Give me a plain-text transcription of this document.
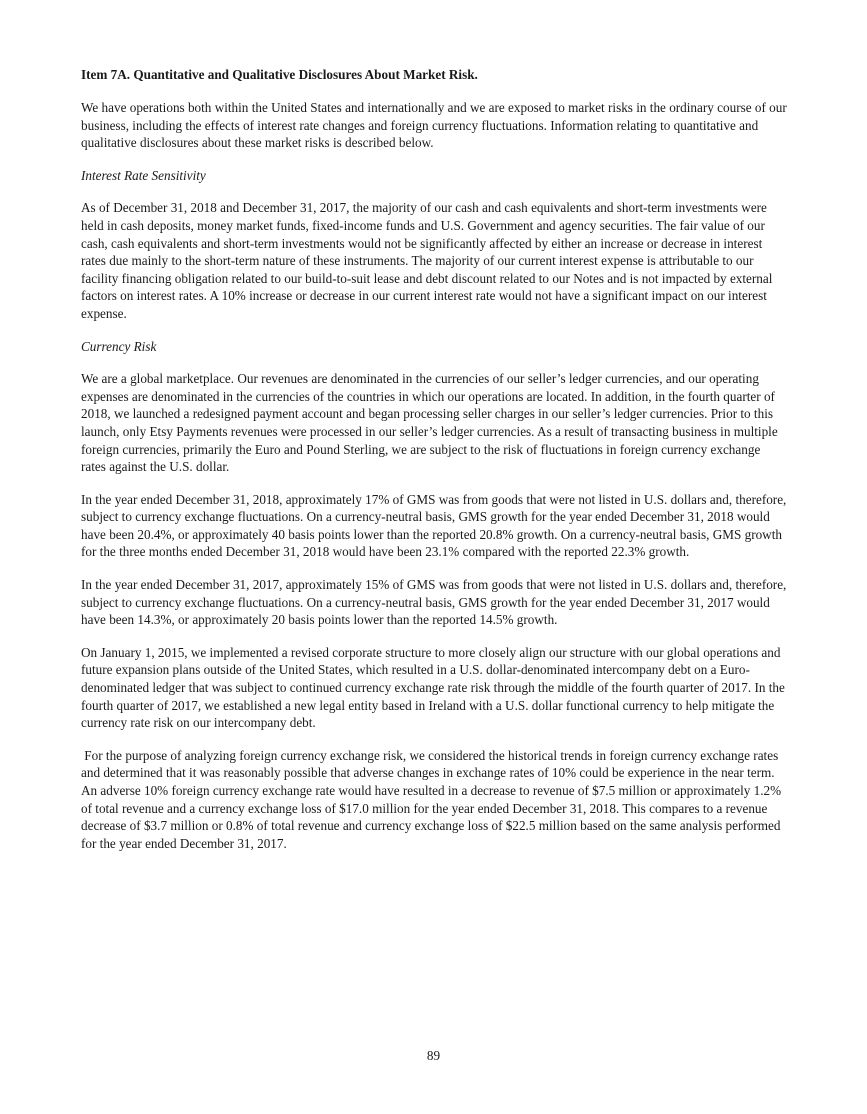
Item 7A. Quantitative and Qualitative Disclosures About Market Risk.
We have operations both within the United States and internationally and we are exposed to market risks in the ordinary course of our business, including the effects of interest rate changes and foreign currency fluctuations. Information relating to quantitative and qualitative disclosures about these market risks is described below.
Interest Rate Sensitivity
As of December 31, 2018 and December 31, 2017, the majority of our cash and cash equivalents and short-term investments were held in cash deposits, money market funds, fixed-income funds and U.S. Government and agency securities. The fair value of our cash, cash equivalents and short-term investments would not be significantly affected by either an increase or decrease in interest rates due mainly to the short-term nature of these instruments. The majority of our current interest expense is attributable to our facility financing obligation related to our build-to-suit lease and debt discount related to our Notes and is not impacted by external factors on interest rates. A 10% increase or decrease in our current interest rate would not have a significant impact on our interest expense.
Currency Risk
We are a global marketplace. Our revenues are denominated in the currencies of our seller’s ledger currencies, and our operating expenses are denominated in the currencies of the countries in which our operations are located. In addition, in the fourth quarter of 2018, we launched a redesigned payment account and began processing seller charges in our seller’s ledger currencies. Prior to this launch, only Etsy Payments revenues were processed in our seller’s ledger currencies. As a result of transacting business in multiple foreign currencies, primarily the Euro and Pound Sterling, we are subject to the risk of fluctuations in foreign currency exchange rates against the U.S. dollar.
In the year ended December 31, 2018, approximately 17% of GMS was from goods that were not listed in U.S. dollars and, therefore, subject to currency exchange fluctuations. On a currency-neutral basis, GMS growth for the year ended December 31, 2018 would have been 20.4%, or approximately 40 basis points lower than the reported 20.8% growth. On a currency-neutral basis, GMS growth for the three months ended December 31, 2018 would have been 23.1% compared with the reported 22.3% growth.
In the year ended December 31, 2017, approximately 15% of GMS was from goods that were not listed in U.S. dollars and, therefore, subject to currency exchange fluctuations. On a currency-neutral basis, GMS growth for the year ended December 31, 2017 would have been 14.3%, or approximately 20 basis points lower than the reported 14.5% growth.
On January 1, 2015, we implemented a revised corporate structure to more closely align our structure with our global operations and future expansion plans outside of the United States, which resulted in a U.S. dollar-denominated intercompany debt on a Euro-denominated ledger that was subject to continued currency exchange rate risk through the middle of the fourth quarter of 2017. In the fourth quarter of 2017, we established a new legal entity based in Ireland with a U.S. dollar functional currency to help mitigate the currency rate risk on our intercompany debt.
For the purpose of analyzing foreign currency exchange risk, we considered the historical trends in foreign currency exchange rates and determined that it was reasonably possible that adverse changes in exchange rates of 10% could be experience in the near term. An adverse 10% foreign currency exchange rate would have resulted in a decrease to revenue of $7.5 million or approximately 1.2% of total revenue and a currency exchange loss of $17.0 million for the year ended December 31, 2018. This compares to a revenue decrease of $3.7 million or 0.8% of total revenue and currency exchange loss of $22.5 million based on the same analysis performed for the year ended December 31, 2017.
89
